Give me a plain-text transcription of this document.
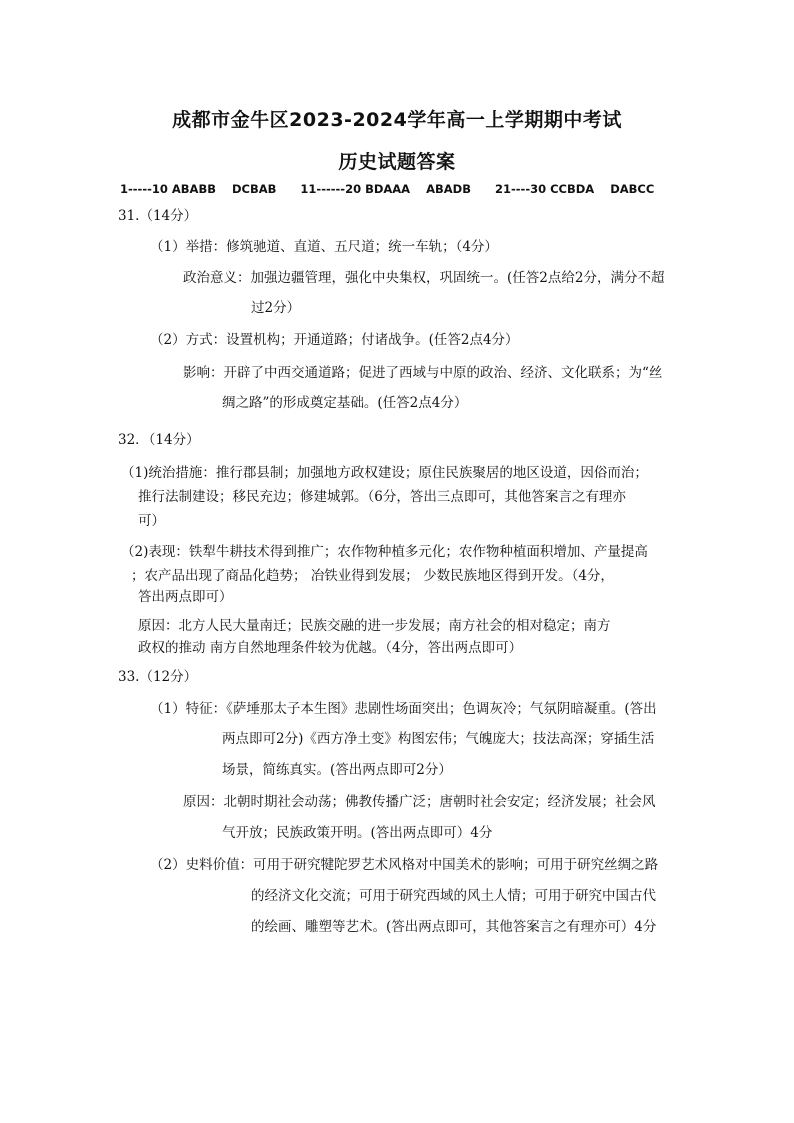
成都市金牛区2023-2024学年高一上学期期中考试
历史试题答案
1-----10 ABABB    DCBAB      11------20 BDAAA    ABADB      21----30 CCBDA    DABCC
31.（14分）
（1）举措：修筑驰道、直道、五尺道；统一车轨；（4分）
政治意义：加强边疆管理，强化中央集权，巩固统一。(任答2点给2分，满分不超
过2分）
（2）方式：设置机构；开通道路；付诸战争。(任答2点4分）
影响：开辟了中西交通道路；促进了西域与中原的政治、经济、文化联系；为“丝
绸之路”的形成奠定基础。(任答2点4分）
32．（14分）
（1)统治措施：推行郡县制；加强地方政权建设；原住民族聚居的地区设道，因俗而治；
推行法制建设；移民充边；修建城郭。（6分，答出三点即可，其他答案言之有理亦
可）
（2)表现：铁犁牛耕技术得到推广；农作物种植多元化；农作物种植面积增加、产量提高
；农产品出现了商品化趋势； 冶铁业得到发展； 少数民族地区得到开发。（4分，
答出两点即可）
原因：北方人民大量南迁；民族交融的进一步发展；南方社会的相对稳定；南方
政权的推动 南方自然地理条件较为优越。（4分，答出两点即可）
33.（12分）
（1）特征：《萨埵那太子本生图》悲剧性场面突出；色调灰冷；气氛阴暗凝重。(答出
两点即可2分)《西方净土变》构图宏伟；气魄庞大；技法高深；穿插生活
场景，简练真实。(答出两点即可2分）
原因：北朝时期社会动荡；佛教传播广泛；唐朝时社会安定；经济发展；社会风
气开放；民族政策开明。(答出两点即可）4分
（2）史料价值：可用于研究犍陀罗艺术风格对中国美术的影响；可用于研究丝绸之路
的经济文化交流；可用于研究西域的风土人情；可用于研究中国古代
的绘画、雕塑等艺术。(答出两点即可，其他答案言之有理亦可）4分
